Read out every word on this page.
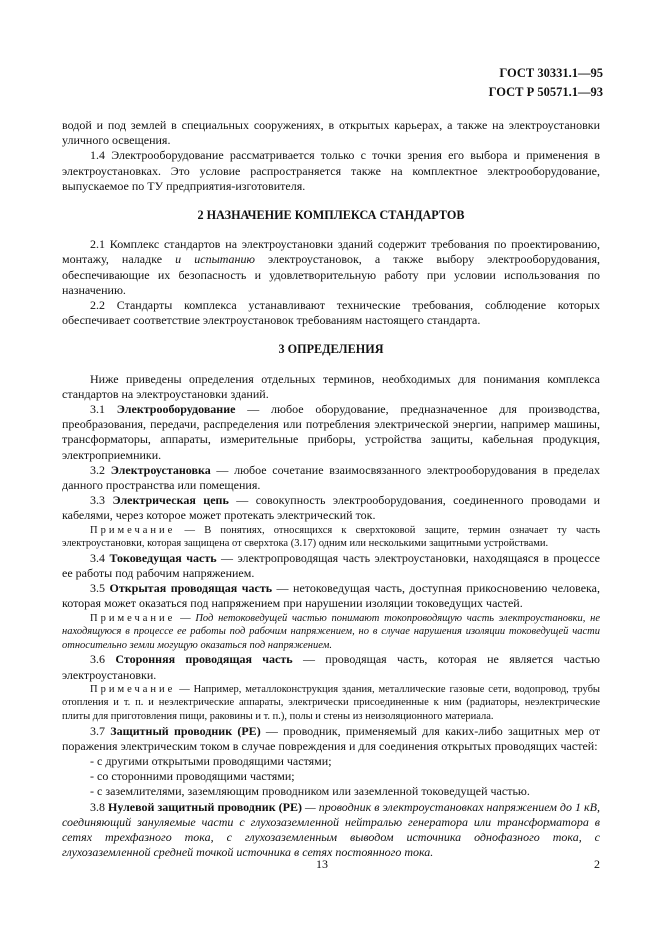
ГОСТ 30331.1—95
ГОСТ Р 50571.1—93

водой и под землей в специальных сооружениях, в открытых карьерах, а также на электроустановки уличного освещения.

1.4 Электрооборудование рассматривается только с точки зрения его выбора и применения в электроустановках. Это условие распространяется также на комплектное электрооборудование, выпускаемое по ТУ предприятия-изготовителя.

2 НАЗНАЧЕНИЕ КОМПЛЕКСА СТАНДАРТОВ

2.1 Комплекс стандартов на электроустановки зданий содержит требования по проектированию, монтажу, наладке и испытанию электроустановок, а также выбору электрооборудования, обеспечивающие их безопасность и удовлетворительную работу при условии использования по назначению.

2.2 Стандарты комплекса устанавливают технические требования, соблюдение которых обеспечивает соответствие электроустановок требованиям настоящего стандарта.

3 ОПРЕДЕЛЕНИЯ

Ниже приведены определения отдельных терминов, необходимых для понимания комплекса стандартов на электроустановки зданий.

3.1 Электрооборудование — любое оборудование, предназначенное для производства, преобразования, передачи, распределения или потребления электрической энергии, например машины, трансформаторы, аппараты, измерительные приборы, устройства защиты, кабельная продукция, электроприемники.

3.2 Электроустановка — любое сочетание взаимосвязанного электрооборудования в пределах данного пространства или помещения.

3.3 Электрическая цепь — совокупность электрооборудования, соединенного проводами и кабелями, через которое может протекать электрический ток.

Примечание — В понятиях, относящихся к сверхтоковой защите, термин означает ту часть электроустановки, которая защищена от сверхтока (3.17) одним или несколькими защитными устройствами.

3.4 Токоведущая часть — электропроводящая часть электроустановки, находящаяся в процессе ее работы под рабочим напряжением.

3.5 Открытая проводящая часть — нетоковедущая часть, доступная прикосновению человека, которая может оказаться под напряжением при нарушении изоляции токоведущих частей.

Примечание — Под нетоковедущей частью понимают токопроводящую часть электроустановки, не находящуюся в процессе ее работы под рабочим напряжением, но в случае нарушения изоляции токоведущей части относительно земли могущую оказаться под напряжением.

3.6 Сторонняя проводящая часть — проводящая часть, которая не является частью электроустановки.

Примечание — Например, металлоконструкция здания, металлические газовые сети, водопровод, трубы отопления и т. п. и неэлектрические аппараты, электрически присоединенные к ним (радиаторы, неэлектрические плиты для приготовления пищи, раковины и т. п.), полы и стены из неизоляционного материала.

3.7 Защитный проводник (PE) — проводник, применяемый для каких-либо защитных мер от поражения электрическим током в случае повреждения и для соединения открытых проводящих частей:

- с другими открытыми проводящими частями;

- со сторонними проводящими частями;

- с заземлителями, заземляющим проводником или заземленной токоведущей частью.

3.8 Нулевой защитный проводник (PE) — проводник в электроустановках напряжением до 1 кВ, соединяющий зануляемые части с глухозаземленной нейтралью генератора или трансформатора в сетях трехфазного тока, с глухозаземленным выводом источника однофазного тока, с глухозаземленной средней точкой источника в сетях постоянного тока.

13	2
